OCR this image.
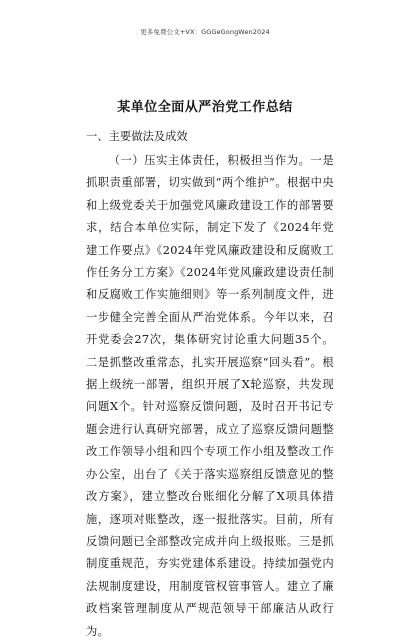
更多免费公文+VX：GGGeGongWen2024
某单位全面从严治党工作总结
一、主要做法及成效
（一）压实主体责任，积极担当作为。一是抓职责重部署，切实做到“两个维护”。根据中央和上级党委关于加强党风廉政建设工作的部署要求，结合本单位实际，制定下发了《2024年党建工作要点》《2024年党风廉政建设和反腐败工作任务分工方案》《2024年党风廉政建设责任制和反腐败工作实施细则》等一系列制度文件，进一步健全完善全面从严治党体系。今年以来，召开党委会27次，集体研究讨论重大问题35个。二是抓整改重常态，扎实开展巡察“回头看”。根据上级统一部署，组织开展了X轮巡察，共发现问题X个。针对巡察反馈问题，及时召开书记专题会进行认真研究部署，成立了巡察反馈问题整改工作领导小组和四个专项工作小组及整改工作办公室，出台了《关于落实巡察组反馈意见的整改方案》，建立整改台账细化分解了X项具体措施，逐项对账整改，逐一报批落实。目前，所有反馈问题已全部整改完成并向上级报账。三是抓制度重规范，夯实党建体系建设。持续加强党内法规制度建设，用制度管权管事管人。建立了廉政档案管理制度从严规范领导干部廉洁从政行为。
